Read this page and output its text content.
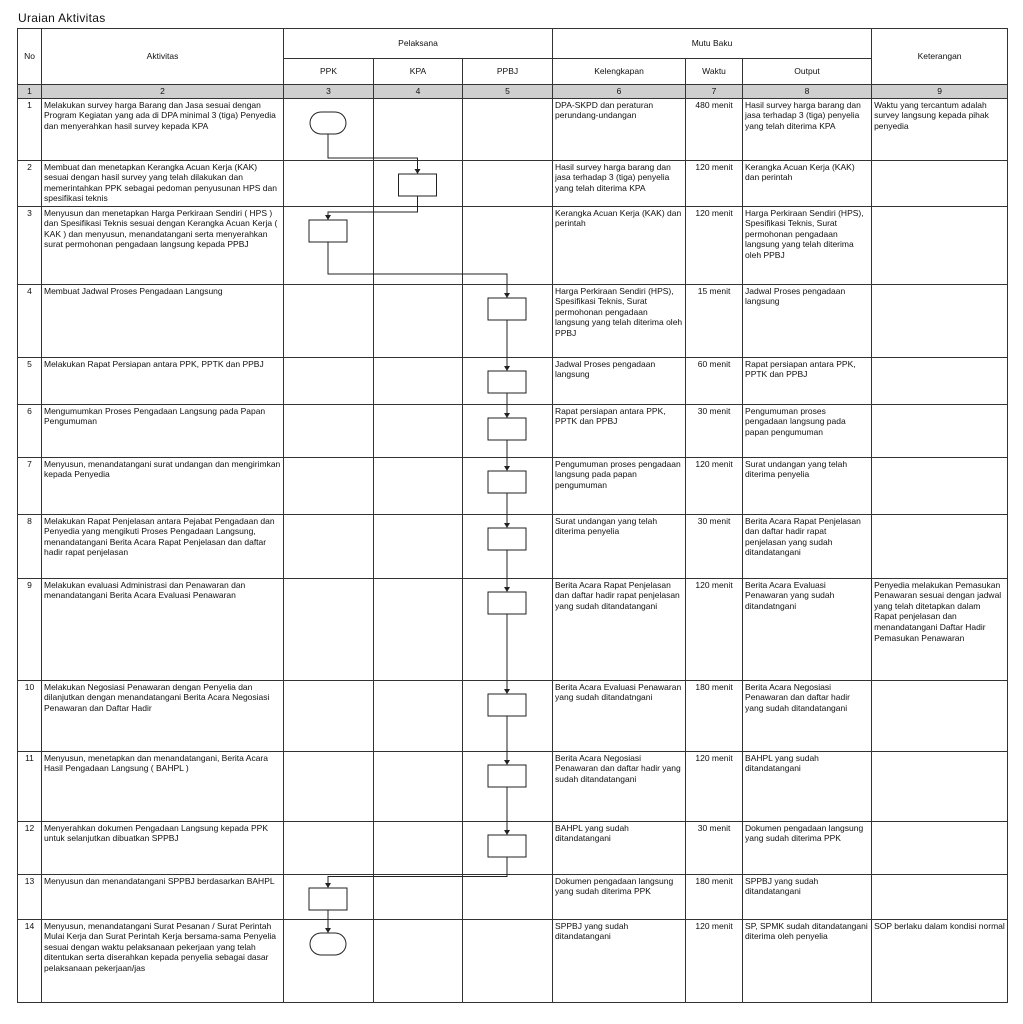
Uraian Aktivitas
No	Aktivitas	Pelaksana			Mutu Baku			Keterangan
		PPK	KPA	PPBJ	Kelengkapan	Waktu	Output	
1	2	3	4	5	6	7	8	9
1	Melakukan survey harga Barang dan Jasa sesuai dengan Program Kegiatan yang ada di DPA minimal 3 (tiga) Penyedia dan menyerahkan hasil survey kepada KPA				DPA-SKPD dan peraturan perundang-undangan	480 menit	Hasil survey harga barang dan jasa terhadap 3 (tiga) penyelia yang telah diterima KPA	Waktu yang tercantum adalah survey langsung kepada pihak penyedia
2	Membuat dan menetapkan Kerangka Acuan Kerja (KAK) sesuai dengan hasil survey yang telah dilakukan dan memerintahkan PPK sebagai pedoman penyusunan HPS dan spesifikasi teknis				Hasil survey harga barang dan jasa terhadap 3 (tiga) penyelia yang telah diterima KPA	120 menit	Kerangka Acuan Kerja (KAK) dan perintah	
3	Menyusun dan menetapkan Harga Perkiraan Sendiri ( HPS ) dan Spesifikasi Teknis sesuai dengan Kerangka Acuan Kerja ( KAK ) dan menyusun, menandatangani serta menyerahkan surat permohonan pengadaan langsung kepada PPBJ				Kerangka Acuan Kerja (KAK) dan perintah	120 menit	Harga Perkiraan Sendiri (HPS), Spesifikasi Teknis, Surat permohonan pengadaan langsung yang telah diterima oleh PPBJ	
4	Membuat Jadwal Proses Pengadaan Langsung				Harga Perkiraan Sendiri (HPS), Spesifikasi Teknis, Surat permohonan pengadaan langsung yang telah diterima oleh PPBJ	15 menit	Jadwal Proses pengadaan langsung	
5	Melakukan Rapat Persiapan antara PPK, PPTK dan PPBJ				Jadwal Proses pengadaan langsung	60 menit	Rapat persiapan antara PPK, PPTK dan PPBJ	
6	Mengumumkan Proses Pengadaan Langsung pada Papan Pengumuman				Rapat persiapan antara PPK, PPTK dan PPBJ	30 menit	Pengumuman proses pengadaan langsung pada papan pengumuman	
7	Menyusun, menandatangani surat undangan dan mengirimkan kepada Penyedia				Pengumuman proses pengadaan langsung pada papan pengumuman	120 menit	Surat undangan yang telah diterima penyelia	
8	Melakukan Rapat Penjelasan antara Pejabat Pengadaan dan Penyedia yang mengikuti Proses Pengadaan Langsung, menandatangani Berita Acara Rapat Penjelasan dan daftar hadir rapat penjelasan				Surat undangan yang telah diterima penyelia	30 menit	Berita Acara Rapat Penjelasan dan daftar hadir rapat penjelasan yang sudah ditandatangani	
9	Melakukan evaluasi Administrasi dan Penawaran dan menandatangani Berita Acara Evaluasi Penawaran				Berita Acara Rapat Penjelasan dan daftar hadir rapat penjelasan yang sudah ditandatangani	120 menit	Berita Acara Evaluasi Penawaran yang sudah ditandatngani	Penyedia melakukan Pemasukan Penawaran sesuai dengan jadwal yang telah ditetapkan dalam Rapat penjelasan dan menandatangani Daftar Hadir Pemasukan Penawaran
10	Melakukan Negosiasi Penawaran dengan Penyelia dan dilanjutkan dengan menandatangani Berita Acara Negosiasi Penawaran dan Daftar Hadir				Berita Acara Evaluasi Penawaran yang sudah ditandatngani	180 menit	Berita Acara Negosiasi Penawaran dan daftar hadir yang sudah ditandatangani	
11	Menyusun, menetapkan dan menandatangani, Berita Acara Hasil Pengadaan Langsung ( BAHPL )				Berita Acara Negosiasi Penawaran dan daftar hadir yang sudah ditandatangani	120 menit	BAHPL yang sudah ditandatangani	
12	Menyerahkan dokumen Pengadaan Langsung kepada PPK untuk selanjutkan dibuatkan SPPBJ				BAHPL yang sudah ditandatangani	30 menit	Dokumen pengadaan langsung yang sudah diterima PPK	
13	Menyusun dan menandatangani SPPBJ berdasarkan BAHPL				Dokumen pengadaan langsung yang sudah diterima PPK	180 menit	SPPBJ yang sudah ditandatangani	
14	Menyusun, menandatangani Surat Pesanan / Surat Perintah Mulai Kerja dan Surat Perintah Kerja bersama-sama Penyelia sesuai dengan waktu pelaksanaan pekerjaan yang telah ditentukan serta diserahkan kepada penyelia sebagai dasar pelaksanaan pekerjaan/jas				SPPBJ yang sudah ditandatangani	120 menit	SP, SPMK sudah ditandatangani diterima oleh penyelia	SOP berlaku dalam kondisi normal
